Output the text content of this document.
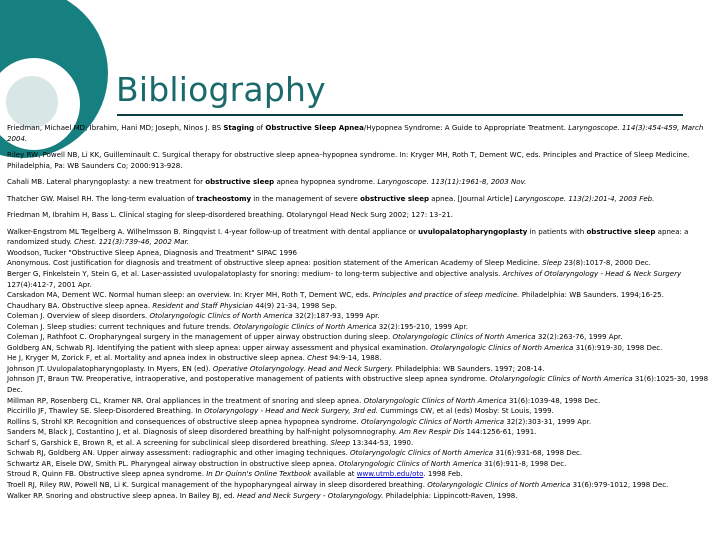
Bibliography
Friedman, Michael MD; Ibrahim, Hani MD; Joseph, Ninos J. BS Staging of Obstructive Sleep Apnea/Hypopnea Syndrome: A Guide to Appropriate Treatment. Laryngoscope. 114(3):454-459, March 2004.
Riley RW, Powell NB, Li KK, Guilleminault C. Surgical therapy for obstructive sleep apnea–hypopnea syndrome. In: Kryger MH, Roth T, Dement WC, eds. Principles and Practice of Sleep Medicine. Philadelphia, Pa: WB Saunders Co; 2000:913-928.
Cahali MB. Lateral pharyngoplasty: a new treatment for obstructive sleep apnea hypopnea syndrome. Laryngoscope. 113(11):1961-8, 2003 Nov.
Thatcher GW. Maisel RH. The long-term evaluation of tracheostomy in the management of severe obstructive sleep apnea. [Journal Article] Laryngoscope. 113(2):201-4, 2003 Feb.
Friedman M, Ibrahim H, Bass L. Clinical staging for sleep-disordered breathing. Otolaryngol Head Neck Surg 2002; 127: 13–21.
Walker-Engstrom ML Tegelberg A. Wilhelmsson B. Ringqvist I. 4-year follow-up of treatment with dental appliance or uvulopalatopharyngoplasty in patients with obstructive sleep apnea: a randomized study. Chest. 121(3):739-46, 2002 Mar.
Woodson, Tucker "Obstructive Sleep Apnea, Diagnosis and Treatment" SIPAC 1996
Anonymous. Cost justification for diagnosis and treatment of obstructive sleep apnea: position statement of the American Academy of Sleep Medicine. Sleep 23(8):1017-8, 2000 Dec.
Berger G, Finkelstein Y, Stein G, et al. Laser-assisted uvulopalatoplasty for snoring: medium- to long-term subjective and objective analysis. Archives of Otolaryngology - Head & Neck Surgery 127(4):412-7, 2001 Apr.
Carskadon MA, Dement WC. Normal human sleep: an overview. In: Kryer MH, Roth T, Dement WC, eds. Principles and practice of sleep medicine. Philadelphia: WB Saunders. 1994;16-25.
Chaudhary BA. Obstructive sleep apnea. Resident and Staff Physician 44(9) 21-34, 1998 Sep.
Coleman J. Overview of sleep disorders. Otolaryngologic Clinics of North America 32(2):187-93, 1999 Apr.
Coleman J. Sleep studies: current techniques and future trends. Otolaryngologic Clinics of North America 32(2):195-210, 1999 Apr.
Coleman J, Rathfoot C. Oropharyngeal surgery in the management of upper airway obstruction during sleep. Otolaryngologic Clinics of North America 32(2):263-76, 1999 Apr.
Goldberg AN, Schwab RJ. Identifying the patient with sleep apnea: upper airway assessment and physical examination. Otolaryngologic Clinics of North America 31(6):919-30, 1998 Dec.
He J, Kryger M, Zorick F, et al. Mortality and apnea index in obstructive sleep apnea. Chest 94:9-14, 1988.
Johnson JT. Uvulopalatopharyngoplasty. In Myers, EN (ed). Operative Otolaryngology. Head and Neck Surgery. Philadelphia: WB Saunders. 1997; 208-14.
Johnson JT, Braun TW. Preoperative, intraoperative, and postoperative management of patients with obstructive sleep apnea syndrome. Otolaryngologic Clinics of North America 31(6):1025-30, 1998 Dec.
Millman RP, Rosenberg CL, Kramer NR. Oral appliances in the treatment of snoring and sleep apnea. Otolaryngologic Clinics of North America 31(6):1039-48, 1998 Dec.
Piccirillo JF, Thawley SE. Sleep-Disordered Breathing. In Otolaryngology - Head and Neck Surgery, 3rd ed. Cummings CW, et al (eds) Mosby: St Louis, 1999.
Rollins S, Strohl KP. Recognition and consequences of obstructive sleep apnea hypopnea syndrome. Otolaryngologic Clinics of North America 32(2):303-31, 1999 Apr.
Sanders M, Black J, Costantino J, et al. Diagnosis of sleep disordered breathing by half-night polysomnography. Am Rev Respir Dis 144:1256-61, 1991.
Scharf S, Garshick E, Brown R, et al. A screening for subclinical sleep disordered breathing. Sleep 13:344-53, 1990.
Schwab RJ, Goldberg AN. Upper airway assessment: radiographic and other imaging techniques. Otolaryngologic Clinics of North America 31(6):931-68, 1998 Dec.
Schwartz AR, Eisele DW, Smith PL. Pharyngeal airway obstruction in obstructive sleep apnea. Otolaryngologic Clinics of North America 31(6):911-8, 1998 Dec.
Stroud R, Quinn FB. Obstructive sleep apnea syndrome. In Dr Quinn's Online Textbook available at www.utmb.edu/oto. 1998 Feb.
Troell RJ, Riley RW, Powell NB, Li K. Surgical management of the hypopharyngeal airway in sleep disordered breathing. Otolaryngologic Clinics of North America 31(6):979-1012, 1998 Dec.
Walker RP. Snoring and obstructive sleep apnea. In Bailey BJ, ed. Head and Neck Surgery - Otolaryngology. Philadelphia: Lippincott-Raven, 1998.
